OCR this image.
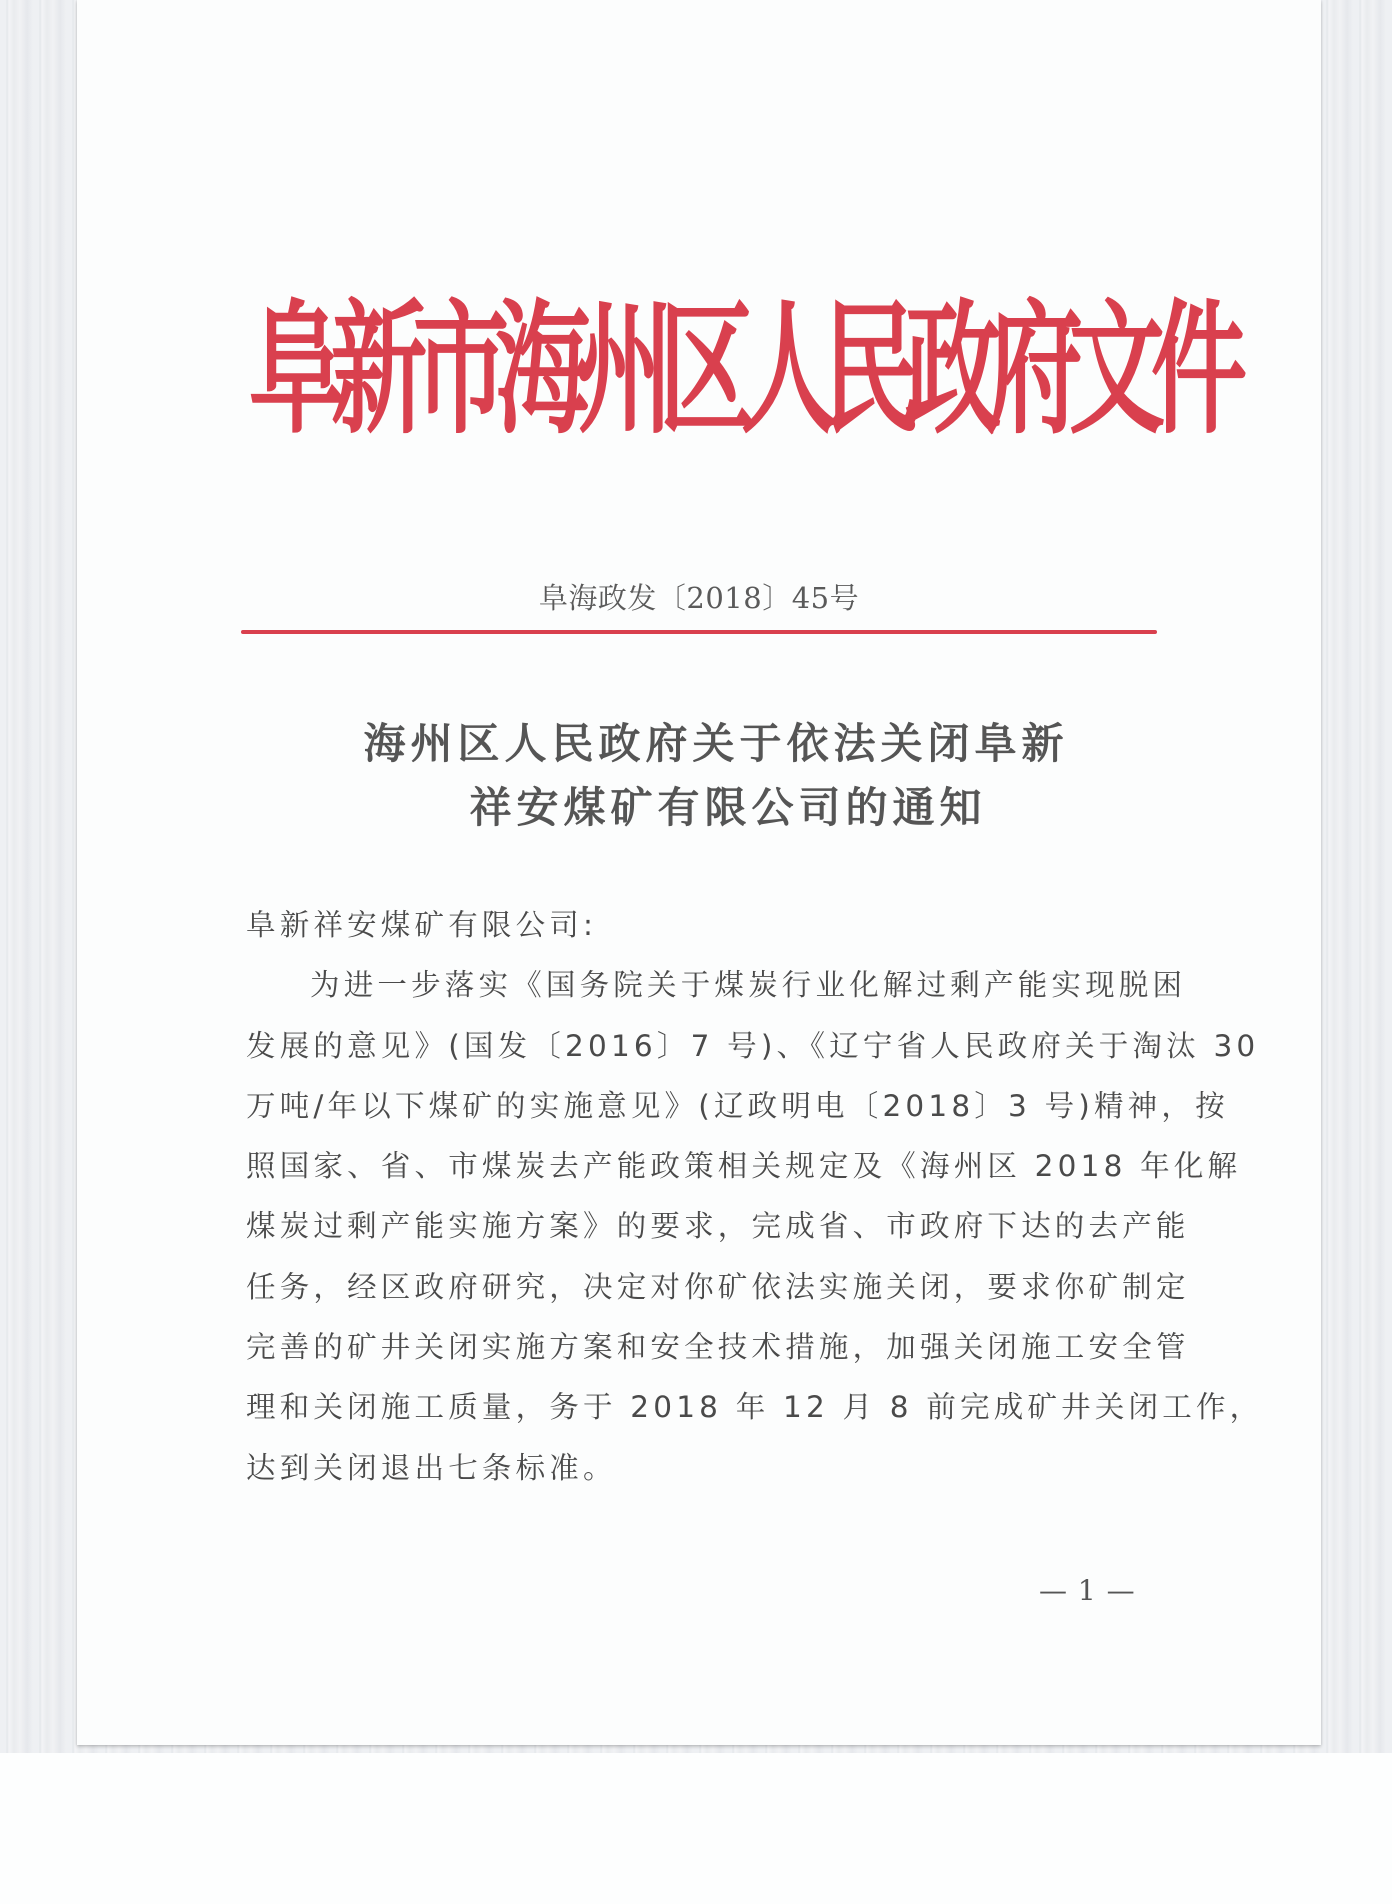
阜
新
市
海
州
区
人
民
政
府
文
件
阜海政发〔2018〕45号
海州区人民政府关于依法关闭阜新
祥安煤矿有限公司的通知
阜新祥安煤矿有限公司:
为进一步落实《国务院关于煤炭行业化解过剩产能实现脱困
发展的意见》(国发〔2016〕7 号)、《辽宁省人民政府关于淘汰 30
万吨/年以下煤矿的实施意见》(辽政明电〔2018〕3 号)精神，按
照国家、省、市煤炭去产能政策相关规定及《海州区 2018 年化解
煤炭过剩产能实施方案》的要求，完成省、市政府下达的去产能
任务，经区政府研究，决定对你矿依法实施关闭，要求你矿制定
完善的矿井关闭实施方案和安全技术措施，加强关闭施工安全管
理和关闭施工质量，务于 2018 年 12 月 8 前完成矿井关闭工作，
达到关闭退出七条标准。
— 1 —
